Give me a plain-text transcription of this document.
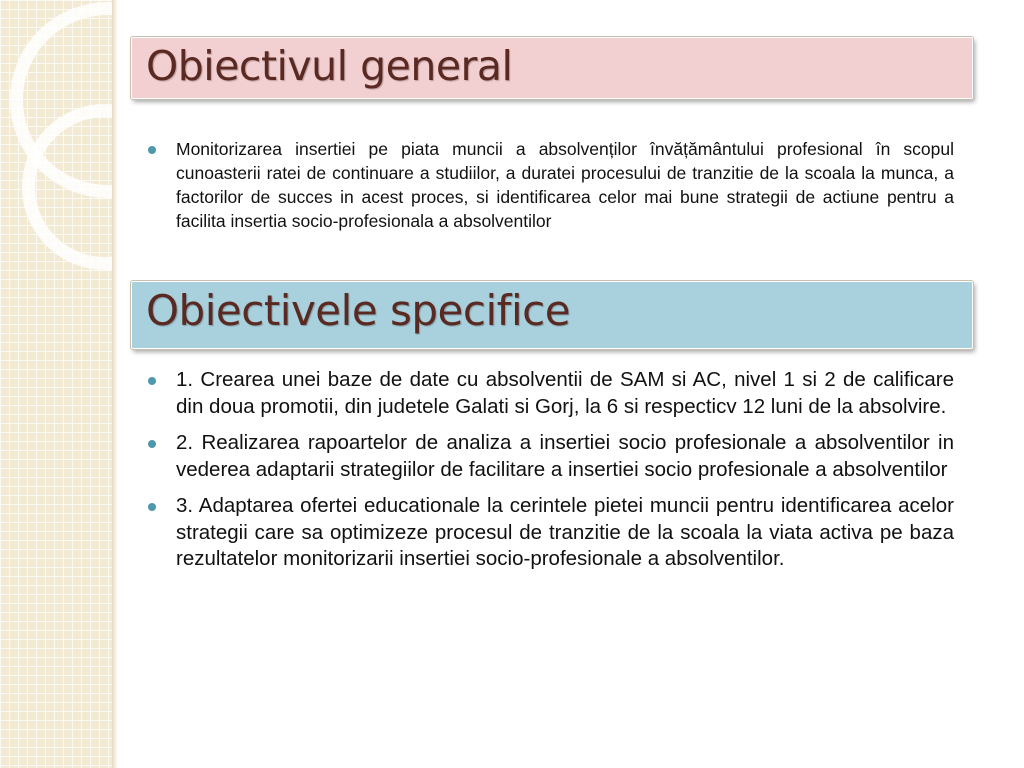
Obiectivul general
Monitorizarea insertiei pe piata muncii a absolvenților învățământului profesional în scopul cunoasterii ratei de continuare a studiilor, a duratei procesului de tranzitie de la scoala la munca, a factorilor de succes in acest proces, si identificarea celor mai bune strategii de actiune pentru a facilita insertia socio-profesionala a absolventilor
Obiectivele specifice
1. Crearea unei baze de date cu absolventii de SAM si AC, nivel 1 si 2 de calificare din doua promotii, din judetele Galati si Gorj, la 6 si respecticv 12 luni de la absolvire.
2. Realizarea rapoartelor de analiza a insertiei socio profesionale a absolventilor in vederea adaptarii strategiilor de facilitare a insertiei socio profesionale a absolventilor
3. Adaptarea ofertei educationale la cerintele pietei muncii pentru identificarea acelor strategii care sa optimizeze procesul de tranzitie de la scoala la viata activa pe baza rezultatelor monitorizarii insertiei socio-profesionale a absolventilor.
